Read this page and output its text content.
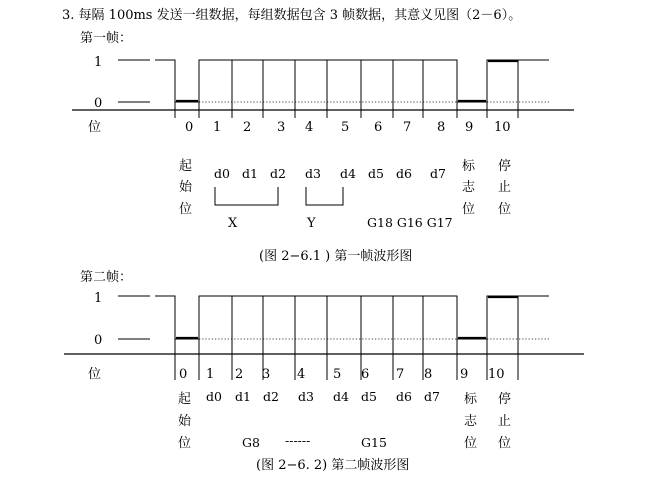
3. 每隔 100ms 发送一组数据，每组数据包含 3 帧数据，其意义见图（2－6）。
第一帧：
1
0
位	0 1 2 3 4 5 6 7 8 9 10
起
始
位
d0 d1 d2 d3 d4 d5 d6 d7 标
志
位
停
止
位
X	Y	G18 G16 G17
(图 2−6.1 ) 第一帧波形图
第二帧：
1
0
位	0 1 2 3 4 5 6 7 8 9 10
起
始
位
d0 d1 d2 d3 d4 d5 d6 d7 标
志
位
停
止
位
G8 ------	G15
(图 2−6. 2) 第二帧波形图
